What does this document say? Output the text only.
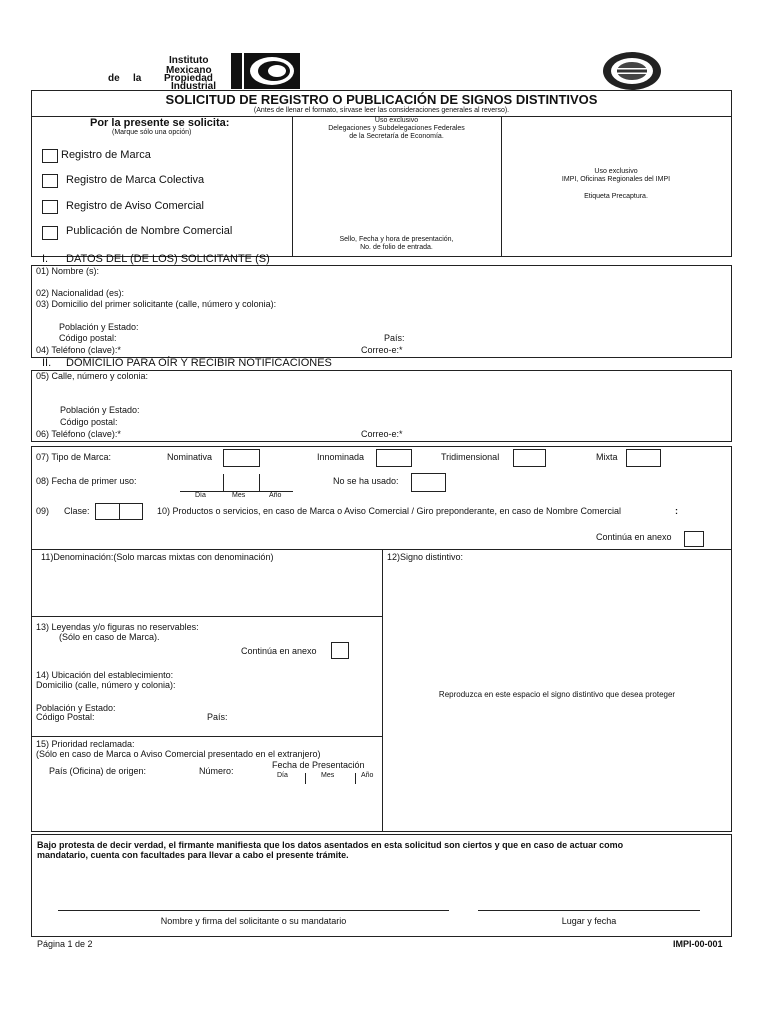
Instituto
Mexicano
de la Propiedad
Industrial
SOLICITUD DE REGISTRO O PUBLICACIÓN DE SIGNOS DISTINTIVOS
(Antes de llenar el formato, sírvase leer las consideraciones generales al reverso).
Por la presente se solicita:
(Marque sólo una opción)
Registro de Marca
Registro de Marca Colectiva
Registro de Aviso Comercial
Publicación de Nombre Comercial
Uso exclusivo
Delegaciones y Subdelegaciones Federales
de la Secretaría de Economía.
Sello, Fecha y hora de presentación,
No. de folio de entrada.
Uso exclusivo
IMPI, Oficinas Regionales del IMPI
Etiqueta Precaptura.
I. DATOS DEL (DE LOS) SOLICITANTE (S)
01) Nombre (s):
02) Nacionalidad (es):
03) Domicilio del primer solicitante (calle, número y colonia):
Población y Estado:
Código postal:	País:
04) Teléfono (clave):*	Correo-e:*
II. DOMICILIO PARA OÍR Y RECIBIR NOTIFICACIONES
05) Calle, número y colonia:
Población y Estado:
Código postal:
06) Teléfono (clave):*	Correo-e:*
07) Tipo de Marca:	Nominativa	Innominada	Tridimensional	Mixta
08) Fecha de primer uso:
Día	Mes	Año
No se ha usado:
09) Clase:	10) Productos o servicios, en caso de Marca o Aviso Comercial / Giro preponderante, en caso de Nombre Comercial	:
Continúa en anexo
11)Denominación:(Solo marcas mixtas con denominación)	12)Signo distintivo:
Reproduzca en este espacio el signo distintivo que desea proteger
13) Leyendas y/o figuras no reservables:
(Sólo en caso de Marca).
Continúa en anexo
14) Ubicación del establecimiento:
Domicilio (calle, número y colonia):
Población y Estado:
Código Postal:	País:
15) Prioridad reclamada:
(Sólo en caso de Marca o Aviso Comercial presentado en el extranjero)
País (Oficina) de origen:	Número:
Fecha de Presentación
Día	Mes	Año
Bajo protesta de decir verdad, el firmante manifiesta que los datos asentados en esta solicitud son ciertos y que en caso de actuar como
mandatario, cuenta con facultades para llevar a cabo el presente trámite.
Nombre y firma del solicitante o su mandatario	Lugar y fecha
Página 1 de 2	IMPI-00-001
